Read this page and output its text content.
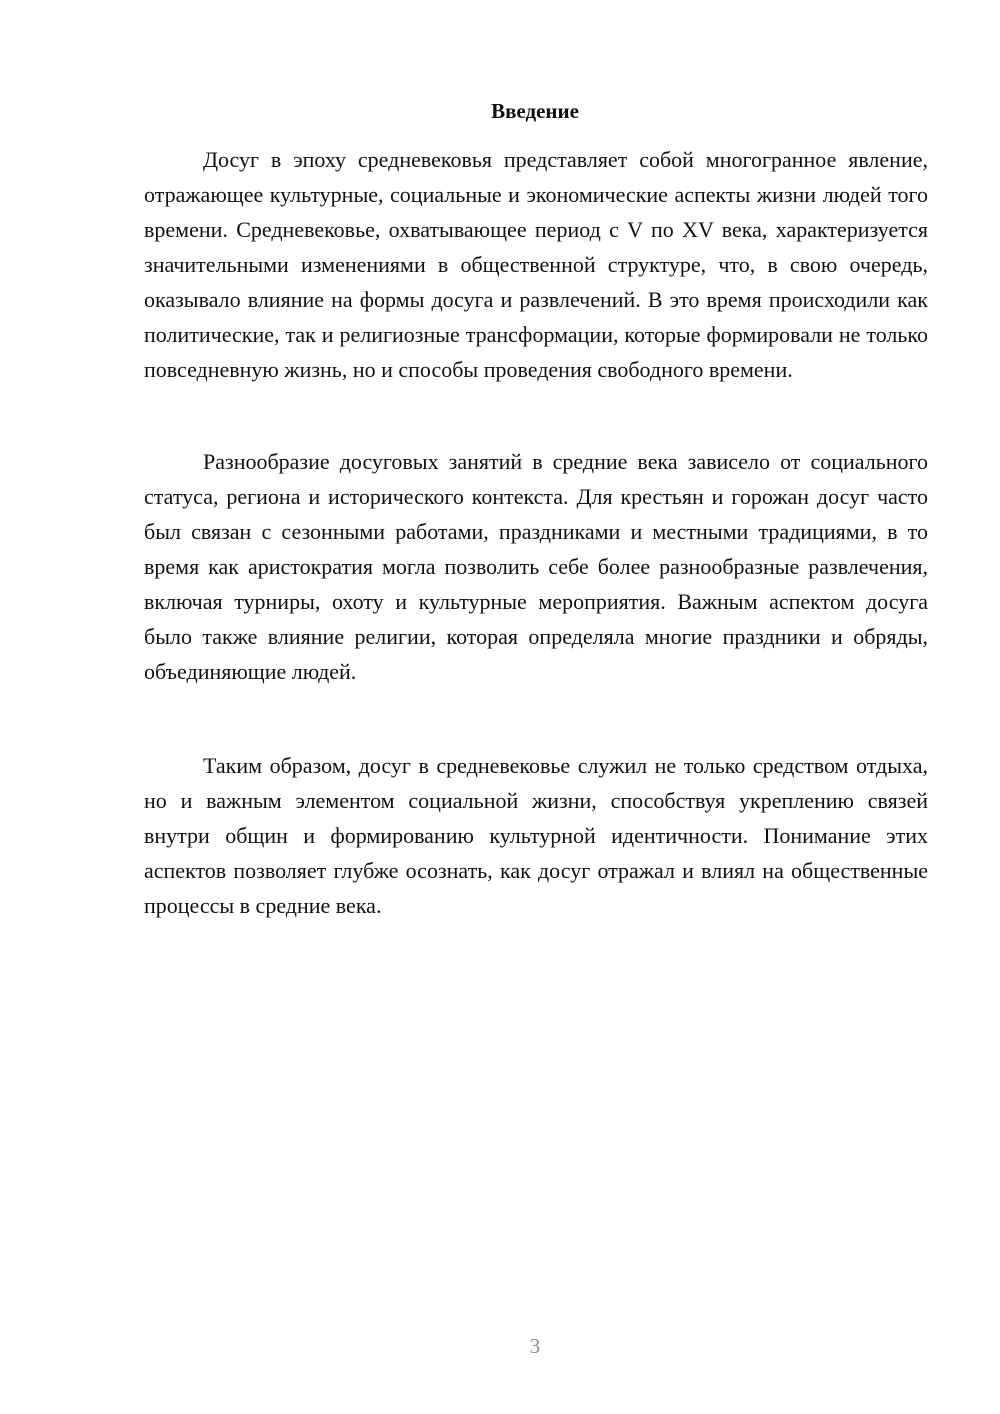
Введение

Досуг в эпоху средневековья представляет собой многогранное явление, отражающее культурные, социальные и экономические аспекты жизни людей того времени. Средневековье, охватывающее период с V по XV века, характеризуется значительными изменениями в общественной структуре, что, в свою очередь, оказывало влияние на формы досуга и развлечений. В это время происходили как политические, так и религиозные трансформации, которые формировали не только повседневную жизнь, но и способы проведения свободного времени.

Разнообразие досуговых занятий в средние века зависело от социального статуса, региона и исторического контекста. Для крестьян и горожан досуг часто был связан с сезонными работами, праздниками и местными традициями, в то время как аристократия могла позволить себе более разнообразные развлечения, включая турниры, охоту и культурные мероприятия. Важным аспектом досуга было также влияние религии, которая определяла многие праздники и обряды, объединяющие людей.

Таким образом, досуг в средневековье служил не только средством отдыха, но и важным элементом социальной жизни, способствуя укреплению связей внутри общин и формированию культурной идентичности. Понимание этих аспектов позволяет глубже осознать, как досуг отражал и влиял на общественные процессы в средние века.

3
